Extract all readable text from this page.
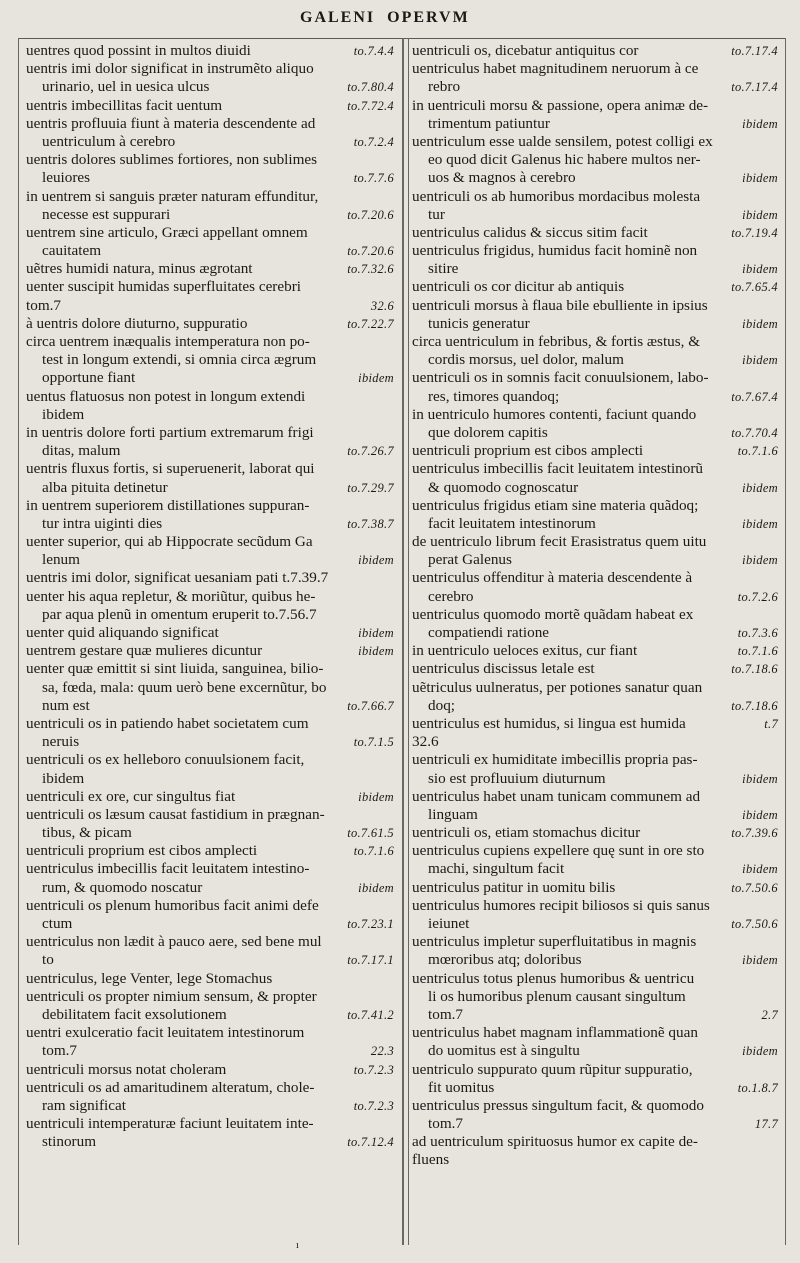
GALENI OPERVM
uentres quod possint in multos diuidi	to.7.4.4
uentris imi dolor significat in instrumẽto aliquo
urinario, uel in uesica ulcus	to.7.80.4
uentris imbecillitas facit uentum	to.7.72.4
uentris profluuia fiunt à materia descendente ad
uentriculum à cerebro	to.7.2.4
uentris dolores sublimes fortiores, non sublimes
leuiores	to.7.7.6
in uentrem si sanguis præter naturam effunditur,
necesse est suppurari	to.7.20.6
uentrem sine articulo, Græci appellant omnem
cauitatem	to.7.20.6
uẽtres humidi natura, minus ægrotant	to.7.32.6
uenter suscipit humidas superfluitates cerebri
tom.7	32.6
à uentris dolore diuturno, suppuratio	to.7.22.7
circa uentrem inæqualis intemperatura non po-
test in longum extendi, si omnia circa ægrum
opportune fiant	ibidem
uentus flatuosus non potest in longum extendi
ibidem
in uentris dolore forti partium extremarum frigi
ditas, malum	to.7.26.7
uentris fluxus fortis, si superuenerit, laborat qui
alba pituita detinetur	to.7.29.7
in uentrem superiorem distillationes suppuran-
tur intra uiginti dies	to.7.38.7
uenter superior, qui ab Hippocrate secũdum Ga
lenum	ibidem
uentris imi dolor, significat uesaniam pati t.7.39.7
uenter his aqua repletur, & moriũtur, quibus he-
par aqua plenũ in omentum eruperit to.7.56.7
uenter quid aliquando significat	ibidem
uentrem gestare quæ mulieres dicuntur	ibidem
uenter quæ emittit si sint liuida, sanguinea, bilio-
sa, fœda, mala: quum uerò bene excernũtur, bo
num est	to.7.66.7
uentriculi os in patiendo habet societatem cum
neruis	to.7.1.5
uentriculi os ex helleboro conuulsionem facit,
ibidem
uentriculi ex ore, cur singultus fiat	ibidem
uentriculi os læsum causat fastidium in prægnan-
tibus, & picam	to.7.61.5
uentriculi proprium est cibos amplecti	to.7.1.6
uentriculus imbecillis facit leuitatem intestino-
rum, & quomodo noscatur	ibidem
uentriculi os plenum humoribus facit animi defe
ctum	to.7.23.1
uentriculus non lædit à pauco aere, sed bene mul
to	to.7.17.1
uentriculus, lege Venter, lege Stomachus
uentriculi os propter nimium sensum, & propter
debilitatem facit exsolutionem	to.7.41.2
uentri exulceratio facit leuitatem intestinorum
tom.7	22.3
uentriculi morsus notat choleram	to.7.2.3
uentriculi os ad amaritudinem alteratum, chole-
ram significat	to.7.2.3
uentriculi intemperaturæ faciunt leuitatem inte-
stinorum	to.7.12.4
uentriculi os, dicebatur antiquitus cor	to.7.17.4
uentriculus habet magnitudinem neruorum à ce
rebro	to.7.17.4
in uentriculi morsu & passione, opera animæ de-
trimentum patiuntur	ibidem
uentriculum esse ualde sensilem, potest colligi ex
eo quod dicit Galenus hic habere multos ner-
uos & magnos à cerebro	ibidem
uentriculi os ab humoribus mordacibus molesta
tur	ibidem
uentriculus calidus & siccus sitim facit	to.7.19.4
uentriculus frigidus, humidus facit hominẽ non
sitire	ibidem
uentriculi os cor dicitur ab antiquis	to.7.65.4
uentriculi morsus à flaua bile ebulliente in ipsius
tunicis generatur	ibidem
circa uentriculum in febribus, & fortis æstus, &
cordis morsus, uel dolor, malum	ibidem
uentriculi os in somnis facit conuulsionem, labo-
res, timores quandoq;	to.7.67.4
in uentriculo humores contenti, faciunt quando
que dolorem capitis	to.7.70.4
uentriculi proprium est cibos amplecti	to.7.1.6
uentriculus imbecillis facit leuitatem intestinorũ
& quomodo cognoscatur	ibidem
uentriculus frigidus etiam sine materia quãdoq;
facit leuitatem intestinorum	ibidem
de uentriculo librum fecit Erasistratus quem uitu
perat Galenus	ibidem
uentriculus offenditur à materia descendente à
cerebro	to.7.2.6
uentriculus quomodo mortẽ quãdam habeat ex
compatiendi ratione	to.7.3.6
in uentriculo ueloces exitus, cur fiant	to.7.1.6
uentriculus discissus letale est	to.7.18.6
uẽtriculus uulneratus, per potiones sanatur quan
doq;	to.7.18.6
uentriculus est humidus, si lingua est humida	t.7
32.6
uentriculi ex humiditate imbecillis propria pas-
sio est profluuium diuturnum	ibidem
uentriculus habet unam tunicam communem ad
linguam	ibidem
uentriculi os, etiam stomachus dicitur	to.7.39.6
uentriculus cupiens expellere quę sunt in ore sto
machi, singultum facit	ibidem
uentriculus patitur in uomitu bilis	to.7.50.6
uentriculus humores recipit biliosos si quis sanus
ieiunet	to.7.50.6
uentriculus impletur superfluitatibus in magnis
mœroribus atq; doloribus	ibidem
uentriculus totus plenus humoribus & uentricu
li os humoribus plenum causant singultum
tom.7	2.7
uentriculus habet magnam inflammationẽ quan
do uomitus est à singultu	ibidem
uentriculo suppurato quum rũpitur suppuratio,
fit uomitus	to.1.8.7
uentriculus pressus singultum facit, & quomodo
tom.7	17.7
ad uentriculum spirituosus humor ex capite de-
fluens
ı
